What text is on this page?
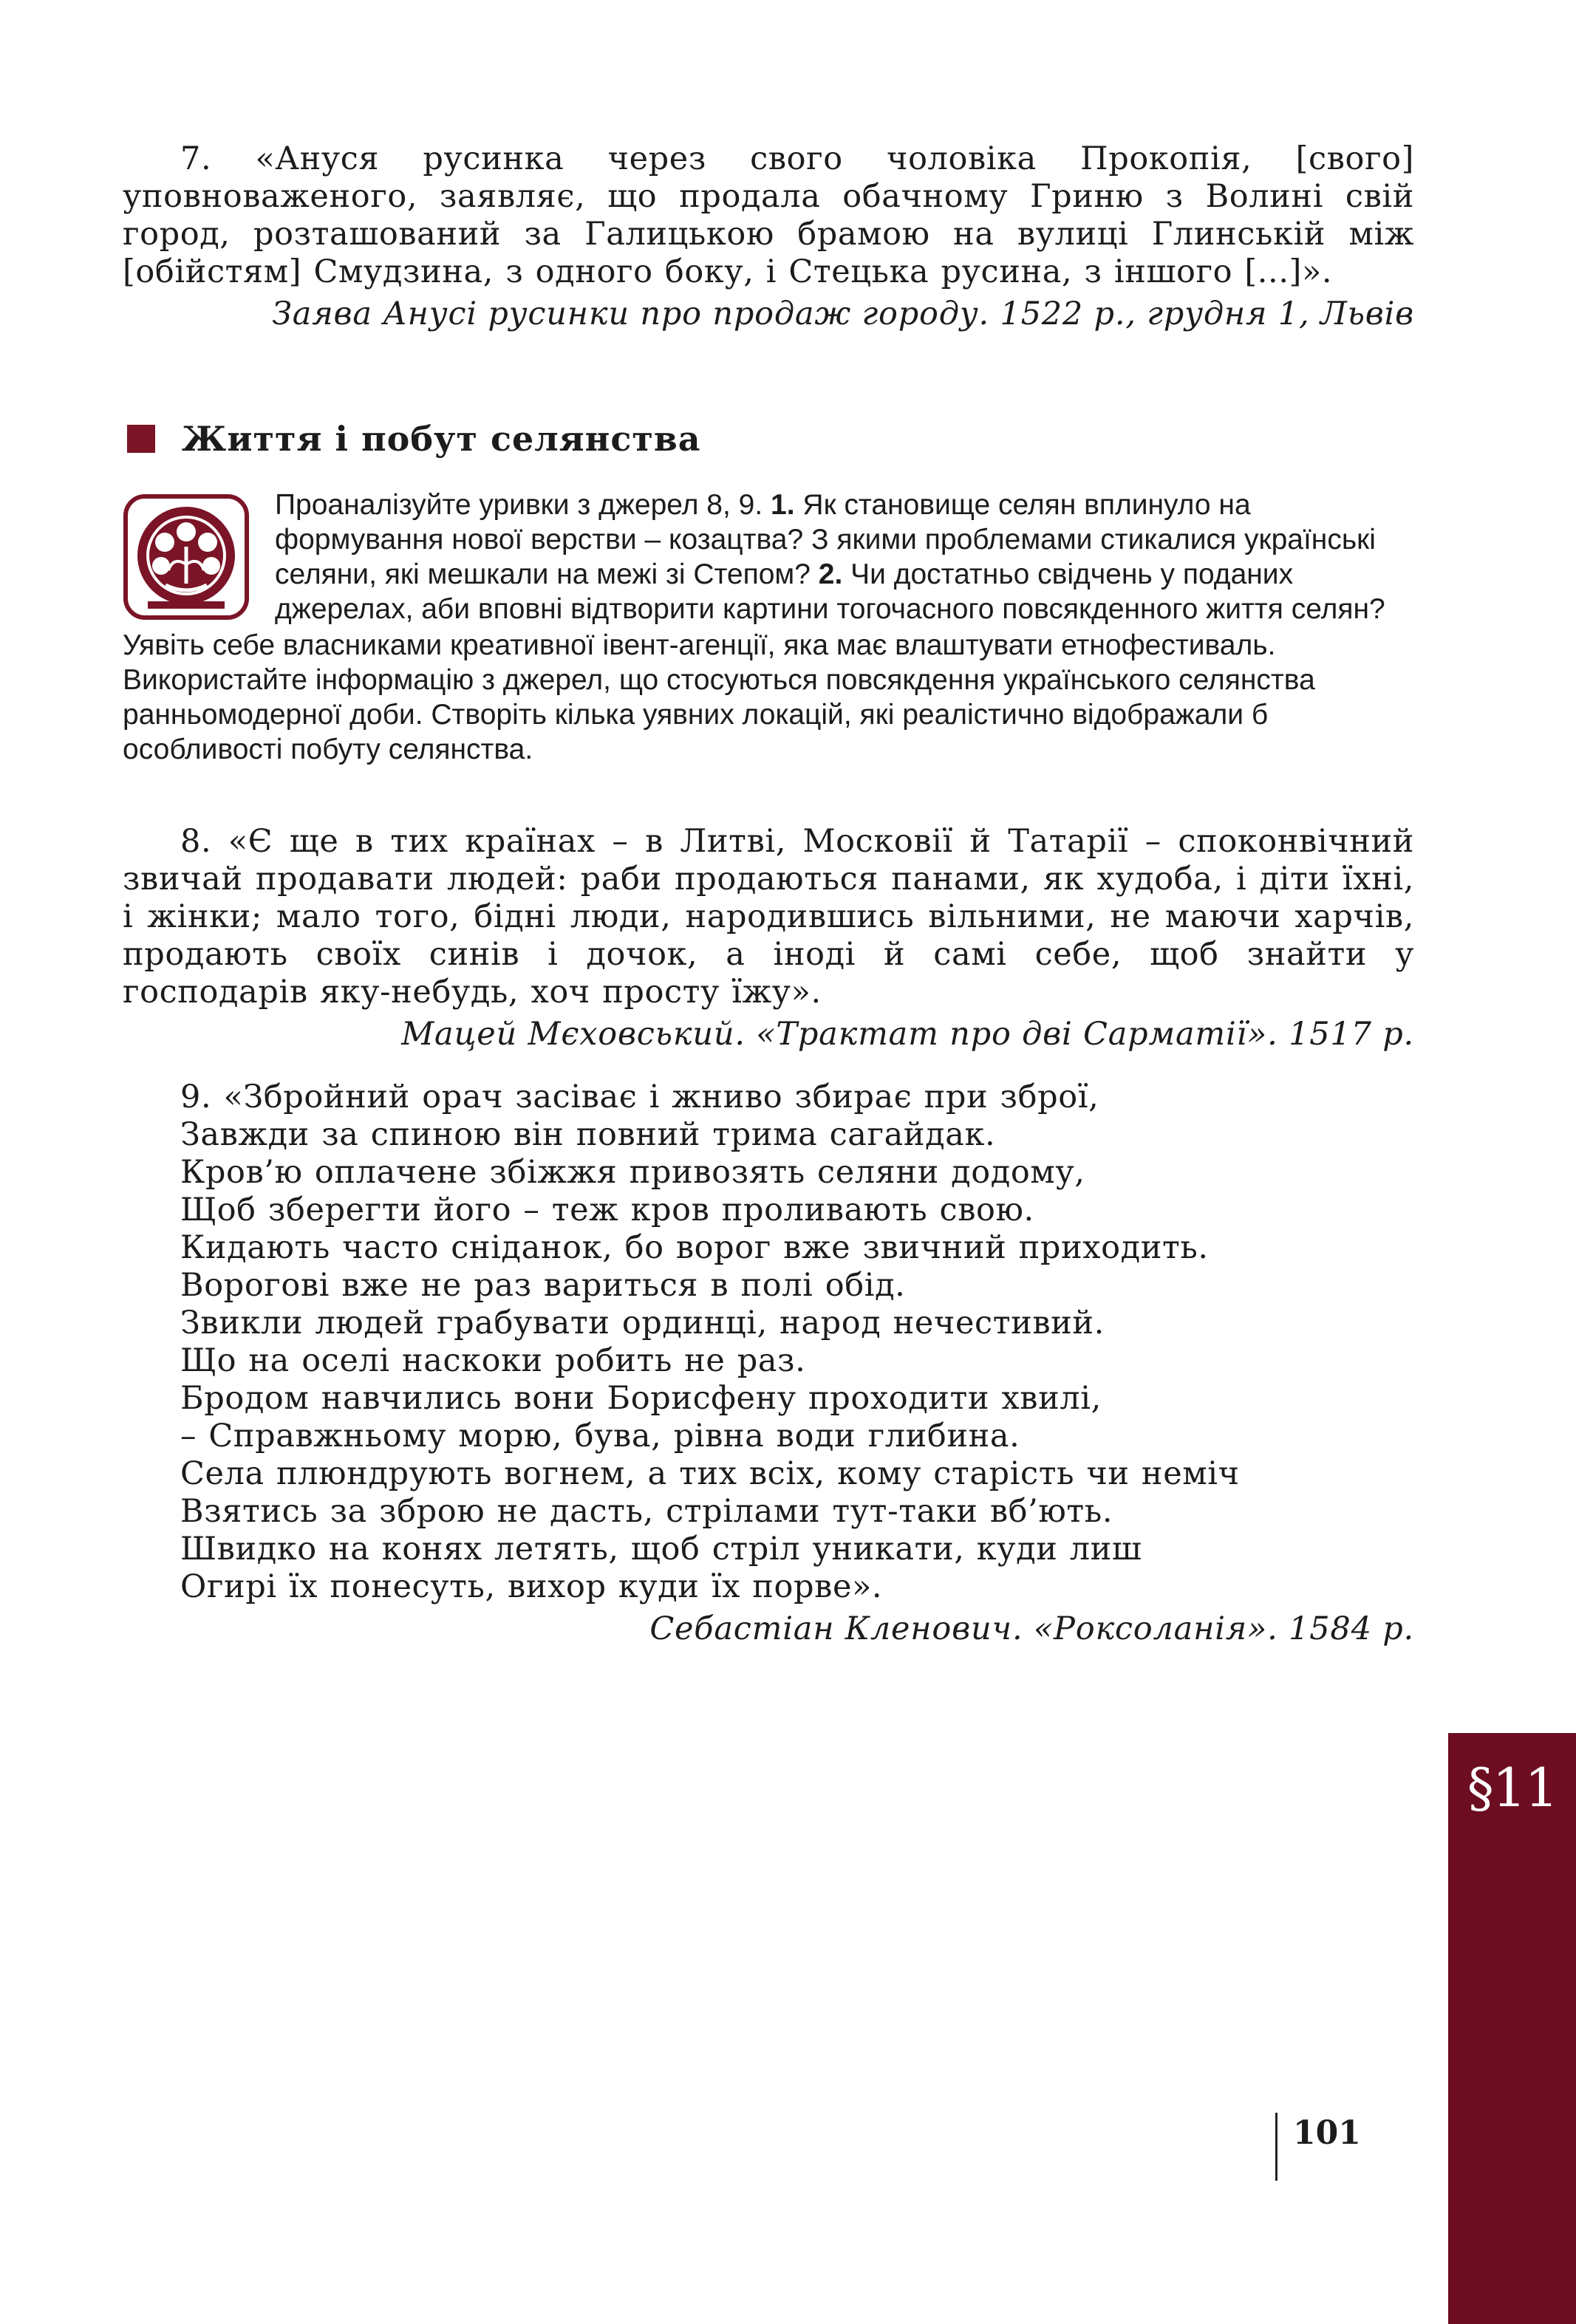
7. «Ануся русинка через свого чоловіка Прокопія, [свого] уповноваженого, заявляє, що продала обачному Гриню з Волині свій город, розташований за Галицькою брамою на вулиці Глинській між [обійстям] Смудзина, з одного боку, і Стецька русина, з іншого [...]».

Заява Анусі русинки про продаж городу. 1522 р., грудня 1, Львів

Життя і побут селянства

Проаналізуйте уривки з джерел 8, 9. 1. Як становище селян вплинуло на формування нової верстви – козацтва? З якими проблемами стикалися українські селяни, які мешкали на межі зі Степом? 2. Чи достатньо свідчень у поданих джерелах, аби вповні відтворити картини тогочасного повсякденного життя селян?

Уявіть себе власниками креативної івент-агенції, яка має влаштувати етнофестиваль. Використайте інформацію з джерел, що стосуються повсякдення українського селянства ранньомодерної доби. Створіть кілька уявних локацій, які реалістично відображали б особливості побуту селянства.

8. «Є ще в тих країнах – в Литві, Московії й Татарії – споконвічний звичай продавати людей: раби продаються панами, як худоба, і діти їхні, і жінки; мало того, бідні люди, народившись вільними, не маючи харчів, продають своїх синів і дочок, а іноді й самі себе, щоб знайти у господарів яку-небудь, хоч просту їжу».

Мацей Мєховський. «Трактат про дві Сарматії». 1517 р.

9. «Збройний орач засіває і жниво збирає при зброї,

Завжди за спиною він повний трима сагайдак.

Кров’ю оплачене збіжжя привозять селяни додому,

Щоб зберегти його – теж кров проливають свою.

Кидають часто сніданок, бо ворог вже звичний приходить.

Ворогові вже не раз вариться в полі обід.

Звикли людей грабувати ординці, народ нечестивий.

Що на оселі наскоки робить не раз.

Бродом навчились вони Борисфену проходити хвилі,

– Справжньому морю, бува, рівна води глибина.

Села плюндрують вогнем, а тих всіх, кому старість чи неміч

Взятись за зброю не дасть, стрілами тут-таки вб’ють.

Швидко на конях летять, щоб стріл уникати, куди лиш

Огирі їх понесуть, вихор куди їх порве».

Себастіан Кленович. «Роксоланія». 1584 р.

§11
101
